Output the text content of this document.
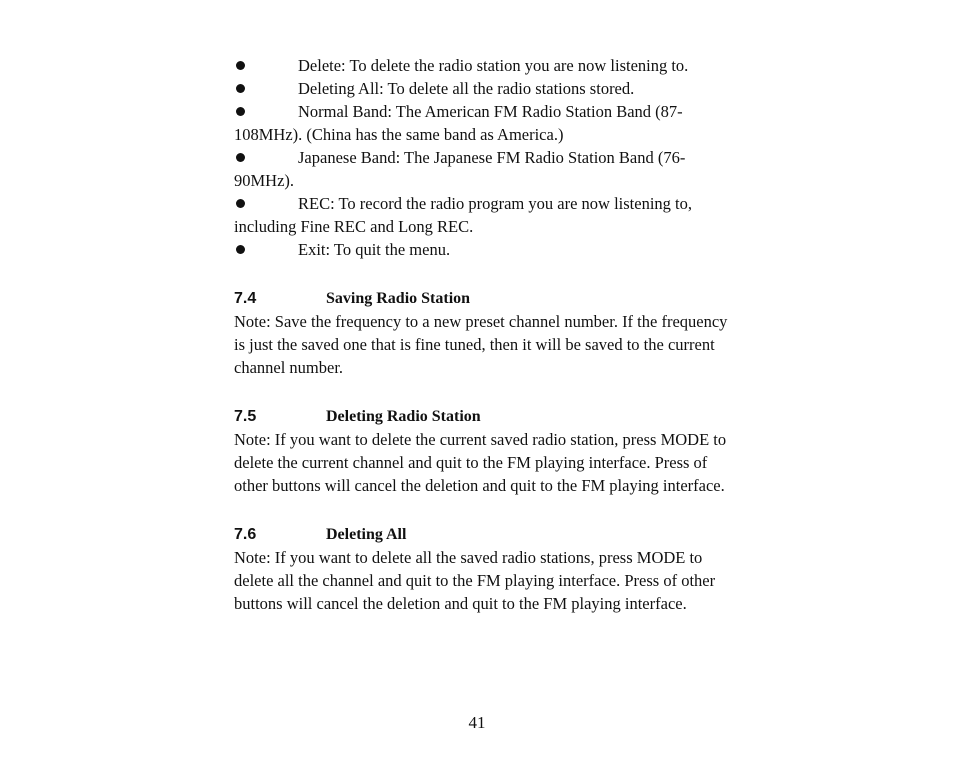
Delete: To delete the radio station you are now listening to.

Deleting All: To delete all the radio stations stored.

Normal Band: The American FM Radio Station Band (87-108MHz). (China has the same band as America.)

Japanese Band: The Japanese FM Radio Station Band (76-90MHz).

REC: To record the radio program you are now listening to, including Fine REC and Long REC.

Exit: To quit the menu.

7.4	Saving Radio Station

Note: Save the frequency to a new preset channel number. If the frequency is just the saved one that is fine tuned, then it will be saved to the current channel number.

7.5	Deleting Radio Station

Note: If you want to delete the current saved radio station, press MODE to delete the current channel and quit to the FM playing interface. Press of other buttons will cancel the deletion and quit to the FM playing interface.

7.6	Deleting All

Note: If you want to delete all the saved radio stations, press MODE to delete all the channel and quit to the FM playing interface. Press of other buttons will cancel the deletion and quit to the FM playing interface.

41
